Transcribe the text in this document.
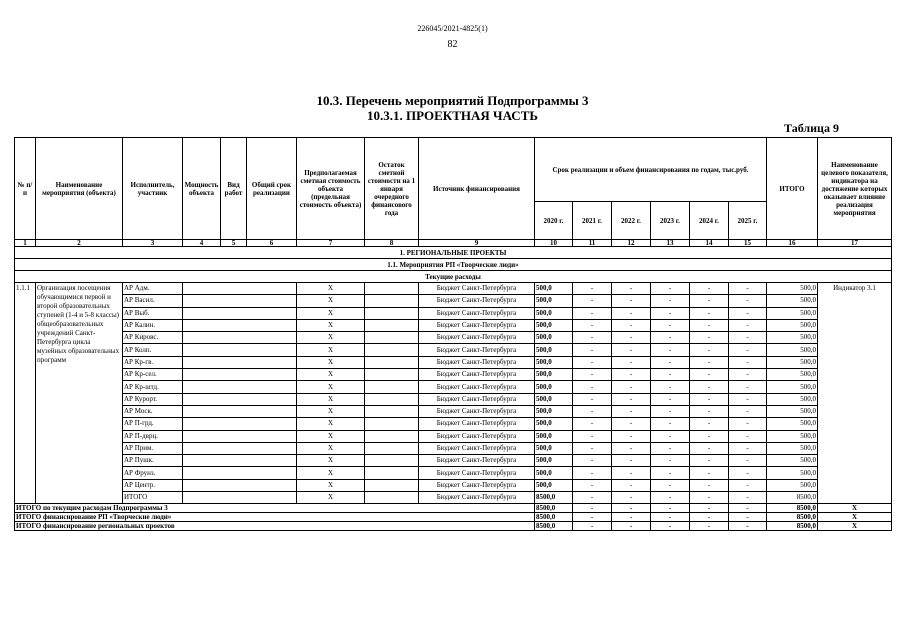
226045/2021-4825(1)
82
10.3. Перечень мероприятий Подпрограммы 3
10.3.1. ПРОЕКТНАЯ ЧАСТЬ
Таблица 9
№ п/п	Наименование мероприятия (объекта)	Исполнитель, участник	Мощность объекта	Вид работ	Общий срок реализации	Предполагаемая сметная стоимость объекта (предельная стоимость объекта)	Остаток сметной стоимости на 1 января очередного финансового года	Источник финансирования	Срок реализации и объем финансирования по годам, тыс.руб.						ИТОГО	Наименование целевого показателя, индикатора на достижение которых оказывает влияние реализация мероприятия
									2020 г.	2021 г.	2022 г.	2023 г.	2024 г.	2025 г.		
1	2	3	4	5	6	7	8	9	10	11	12	13	14	15	16	17
1. РЕГИОНАЛЬНЫЕ ПРОЕКТЫ																
1.1. Мероприятия РП «Творческие люди»																
Текущие расходы																
1.1.1	Организация посещения обучающимися первой и второй образовательных ступеней (1-4 и 5-8 классы) общеобразовательных учреждений Санкт-Петербурга цикла музейных образовательных программ	АР Адм.				Х		Бюджет Санкт-Петербурга	500,0	-	-	-	-	-	500,0	Индикатор 3.1
		АР Васил.				Х		Бюджет Санкт-Петербурга	500,0	-	-	-	-	-	500,0	
		АР Выб.				Х		Бюджет Санкт-Петербурга	500,0	-	-	-	-	-	500,0	
		АР Калин.				Х		Бюджет Санкт-Петербурга	500,0	-	-	-	-	-	500,0	
		АР Кировс.				Х		Бюджет Санкт-Петербурга	500,0	-	-	-	-	-	500,0	
		АР Колп.				Х		Бюджет Санкт-Петербурга	500,0	-	-	-	-	-	500,0	
		АР Кр-гв.				Х		Бюджет Санкт-Петербурга	500,0	-	-	-	-	-	500,0	
		АР Кр-сел.				Х		Бюджет Санкт-Петербурга	500,0	-	-	-	-	-	500,0	
		АР Кр-штд.				Х		Бюджет Санкт-Петербурга	500,0	-	-	-	-	-	500,0	
		АР Курорт.				Х		Бюджет Санкт-Петербурга	500,0	-	-	-	-	-	500,0	
		АР Моск.				Х		Бюджет Санкт-Петербурга	500,0	-	-	-	-	-	500,0	
		АР П-грд.				Х		Бюджет Санкт-Петербурга	500,0	-	-	-	-	-	500,0	
		АР П-дврц.				Х		Бюджет Санкт-Петербурга	500,0	-	-	-	-	-	500,0	
		АР Прим.				Х		Бюджет Санкт-Петербурга	500,0	-	-	-	-	-	500,0	
		АР Пушк.				Х		Бюджет Санкт-Петербурга	500,0	-	-	-	-	-	500,0	
		АР Фрунз.				Х		Бюджет Санкт-Петербурга	500,0	-	-	-	-	-	500,0	
		АР Центр.				Х		Бюджет Санкт-Петербурга	500,0	-	-	-	-	-	500,0	
		ИТОГО				Х		Бюджет Санкт-Петербурга	8500,0	-	-	-	-	-	8500,0	
ИТОГО по текущим расходам Подпрограммы 3									8500,0	-	-	-	-	-	8500,0	Х
ИТОГО финансирование РП «Творческие люди»									8500,0	-	-	-	-	-	8500,0	Х
ИТОГО финансирование региональных проектов									8500,0	-	-	-	-	-	8500,0	Х
